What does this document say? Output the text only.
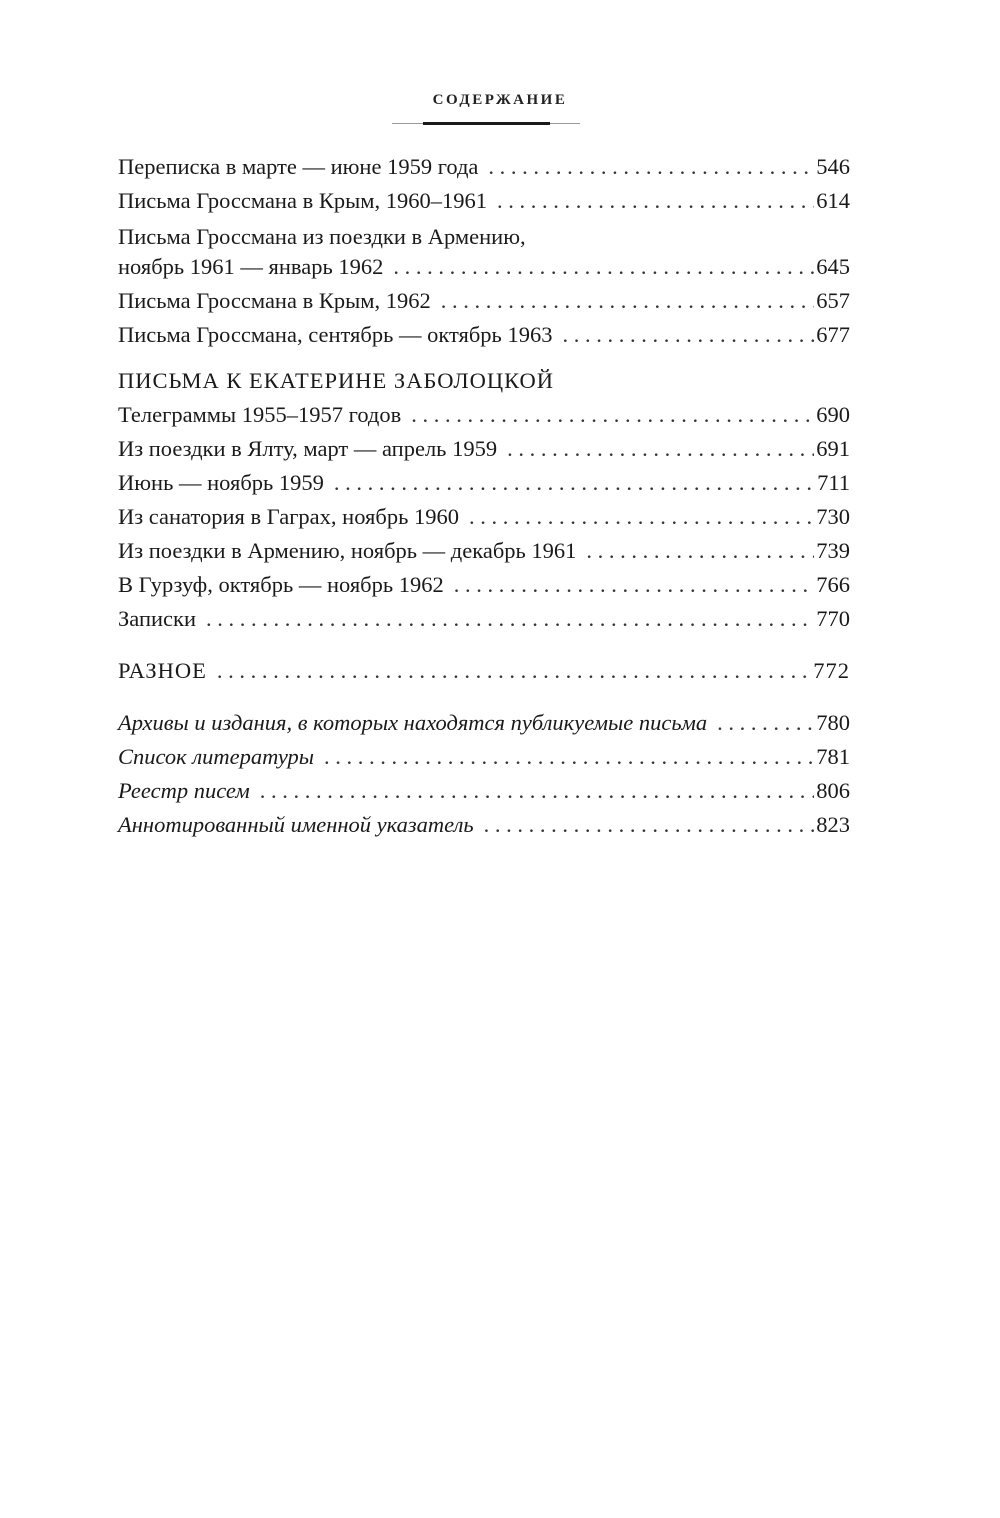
СОДЕРЖАНИЕ
Переписка в марте — июне 1959 года . . .	546
Письма Гроссмана в Крым, 1960–1961 . . .	614
Письма Гроссмана из поездки в Армению,
ноябрь 1961 — январь 1962 . . .	645
Письма Гроссмана в Крым, 1962 . . .	657
Письма Гроссмана, сентябрь — октябрь 1963 . . .	677
ПИСЬМА К ЕКАТЕРИНЕ ЗАБОЛОЦКОЙ
Телеграммы 1955–1957 годов . . .	690
Из поездки в Ялту, март — апрель 1959 . . .	691
Июнь — ноябрь 1959 . . .	711
Из санатория в Гаграх, ноябрь 1960 . . .	730
Из поездки в Армению, ноябрь — декабрь 1961 . . .	739
В Гурзуф, октябрь — ноябрь 1962 . . .	766
Записки . . .	770
РАЗНОЕ . . .	772
Архивы и издания, в которых находятся публикуемые письма . . .	780
Список литературы . . .	781
Реестр писем . . .	806
Аннотированный именной указатель . . .	823
